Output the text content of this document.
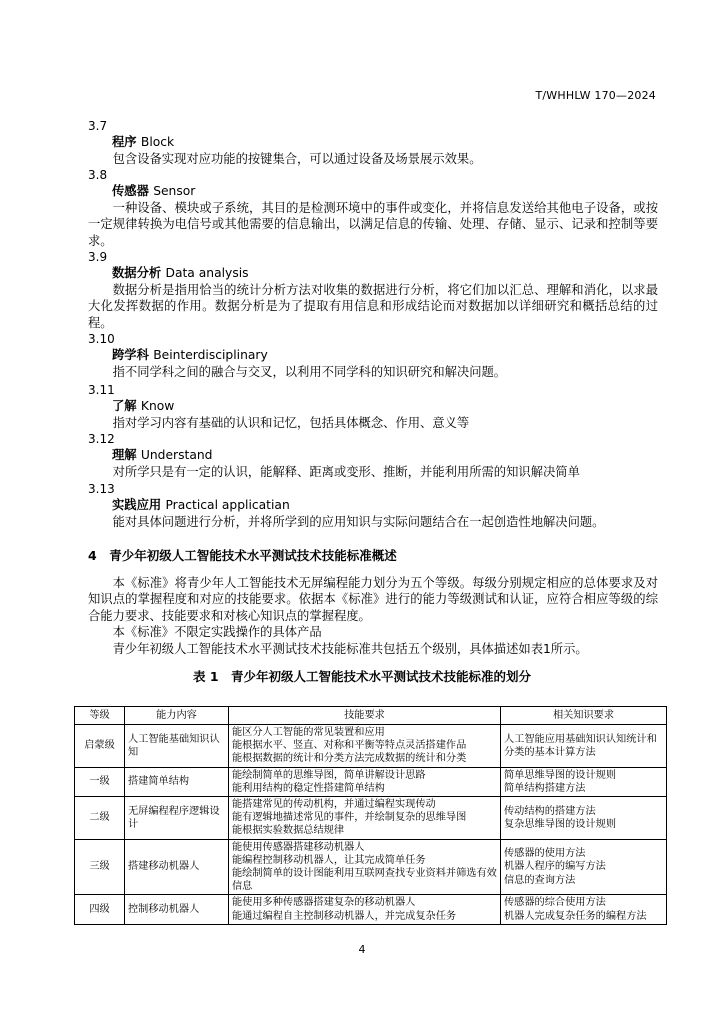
T/WHHLW 170—2024
3.7
程序 Block
包含设备实现对应功能的按键集合，可以通过设备及场景展示效果。
3.8
传感器 Sensor
一种设备、模块或子系统，其目的是检测环境中的事件或变化，并将信息发送给其他电子设备，或按一定规律转换为电信号或其他需要的信息输出，以满足信息的传输、处理、存储、显示、记录和控制等要求。
3.9
数据分析 Data analysis
数据分析是指用恰当的统计分析方法对收集的数据进行分析，将它们加以汇总、理解和消化，以求最大化发挥数据的作用。数据分析是为了提取有用信息和形成结论而对数据加以详细研究和概括总结的过程。
3.10
跨学科 Beinterdisciplinary
指不同学科之间的融合与交叉，以利用不同学科的知识研究和解决问题。
3.11
了解 Know
指对学习内容有基础的认识和记忆，包括具体概念、作用、意义等
3.12
理解 Understand
对所学只是有一定的认识，能解释、距离或变形、推断，并能利用所需的知识解决简单
3.13
实践应用 Practical applicatian
能对具体问题进行分析，并将所学到的应用知识与实际问题结合在一起创造性地解决问题。
4　青少年初级人工智能技术水平测试技术技能标准概述
本《标准》将青少年人工智能技术无屏编程能力划分为五个等级。每级分别规定相应的总体要求及对知识点的掌握程度和对应的技能要求。依据本《标准》进行的能力等级测试和认证，应符合相应等级的综合能力要求、技能要求和对核心知识点的掌握程度。
本《标准》不限定实践操作的具体产品
青少年初级人工智能技术水平测试技术技能标准共包括五个级别，具体描述如表1所示。
表 1　青少年初级人工智能技术水平测试技术技能标准的划分
等级	能力内容	技能要求	相关知识要求
启蒙级	人工智能基础知识认知	能区分人工智能的常见装置和应用
能根据水平、竖直、对称和平衡等特点灵活搭建作品
能根据数据的统计和分类方法完成数据的统计和分类	人工智能应用基础知识认知统计和分类的基本计算方法
一级	搭建简单结构	能绘制简单的思维导图，简单讲解设计思路
能利用结构的稳定性搭建简单结构	简单思维导图的设计规则
简单结构搭建方法

二级	无屏编程程序逻辑设计	能搭建常见的传动机构，并通过编程实现传动
能有逻辑地描述常见的事件，并绘制复杂的思维导图
能根据实验数据总结规律	传动结构的搭建方法
复杂思维导图的设计规则

三级	搭建移动机器人	能使用传感器搭建移动机器人
能编程控制移动机器人，让其完成简单任务
能绘制简单的设计图能利用互联网查找专业资料并筛选有效信息	传感器的使用方法
机器人程序的编写方法
信息的查询方法

四级	控制移动机器人	能使用多种传感器搭建复杂的移动机器人
能通过编程自主控制移动机器人，并完成复杂任务	传感器的综合使用方法
机器人完成复杂任务的编程方法
4
